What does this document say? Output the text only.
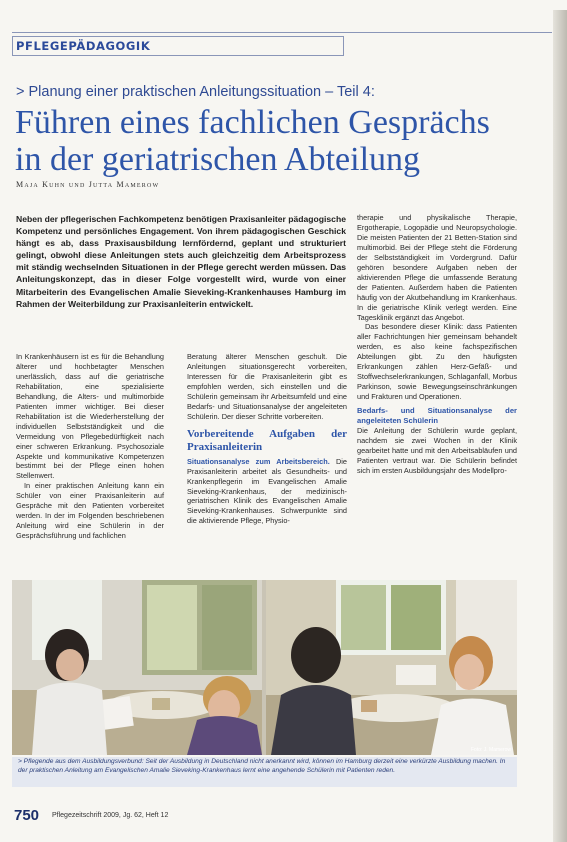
PFLEGEPÄDAGOGIK
> Planung einer praktischen Anleitungssituation – Teil 4:
Führen eines fachlichen Gesprächs
in der geriatrischen Abteilung
Maja Kuhn und Jutta Mamerow
Neben der pflegerischen Fachkompetenz benötigen Praxisanleiter pädagogische Kompetenz und persönliches Engagement. Von ihrem pädagogischen Geschick hängt es ab, dass Praxisausbildung lernfördernd, geplant und strukturiert gelingt, obwohl diese Anleitungen stets auch gleichzeitig dem Arbeitsprozess mit ständig wechselnden Situationen in der Pflege gerecht werden müssen. Das Anleitungskonzept, das in dieser Folge vorgestellt wird, wurde von einer Mitarbeiterin des Evangelischen Amalie Sieveking-Krankenhauses Hamburg im Rahmen der Weiterbildung zur Praxisanleiterin entwickelt.

In Krankenhäusern ist es für die Behandlung älterer und hochbetagter Menschen unerlässlich, dass auf die geriatrische Rehabilitation, eine spezialisierte Behandlung, die Alters- und multimorbide Patienten immer wichtiger. Bei dieser Rehabilitation ist die Wiederherstellung der individuellen Selbstständigkeit und die Vermeidung von Pflegebedürftigkeit nach einer schweren Erkrankung. Psychosoziale Aspekte und kommunikative Kompetenzen bestimmt bei der Pflege einen hohen Stellenwert.

In einer praktischen Anleitung kann ein Schüler von einer Praxisanleiterin auf Gespräche mit den Patienten vorbereitet werden. In der im Folgenden beschriebenen Anleitung wird eine Schülerin in der Gesprächsführung und fachlichen

Beratung älterer Menschen geschult. Die Anleitungen situationsgerecht vorbereiten, Interessen für die Praxisanleiterin gibt es empfohlen werden, sich einstellen und die Schülerin gemeinsam ihr Arbeitsumfeld und eine Bedarfs- und Situationsanalyse der angeleiteten Schülerin. Der dieser Schritte vorbereiten.

Vorbereitende Aufgaben der Praxisanleiterin

Situationsanalyse zum Arbeitsbereich. Die Praxisanleiterin arbeitet als Gesundheits- und Krankenpflegerin im Evangelischen Amalie Sieveking-Krankenhaus, der medizinisch-geriatrischen Klinik des Evangelischen Amalie Sieveking-Krankenhauses. Schwerpunkte sind die aktivierende Pflege, Physio-

therapie und physikalische Therapie, Ergotherapie, Logopädie und Neuropsychologie. Die meisten Patienten der 21 Betten-Station sind multimorbid. Bei der Pflege steht die Förderung der Selbstständigkeit im Vordergrund. Dafür gehören besondere Aufgaben neben der aktivierenden Pflege die umfassende Beratung der Patienten. Außerdem haben die Patienten häufig von der Akutbehandlung im Krankenhaus. In die geriatrische Klinik verlegt werden. Eine Tagesklinik ergänzt das Angebot.

Das besondere dieser Klinik: dass Patienten aller Fachrichtungen hier gemeinsam behandelt werden, es also keine fachspezifischen Abteilungen gibt. Zu den häufigsten Erkrankungen zählen Herz-Gefäß- und Stoffwechselerkrankungen, Schlaganfall, Morbus Parkinson, sowie Bewegungseinschränkungen und Frakturen und Operationen.

Bedarfs- und Situationsanalyse der angeleiteten Schülerin

Die Anleitung der Schülerin wurde geplant, nachdem sie zwei Wochen in der Klinik gearbeitet hatte und mit den Arbeitsabläufen und Patienten vertraut war. Die Schülerin befindet sich im ersten Ausbildungsjahr des Modellpro-

Foto: J. Mamerow
> Pflegende aus dem Ausbildungsverbund: Seit der Ausbildung in Deutschland nicht anerkannt wird, können im Hamburg derzeit eine verkürzte Ausbildung machen. In der praktischen Anleitung am Evangelischen Amalie Sieveking-Krankenhaus lernt eine angehende Schülerin mit Patienten reden.
750 Pflegezeitschrift 2009, Jg. 62, Heft 12
